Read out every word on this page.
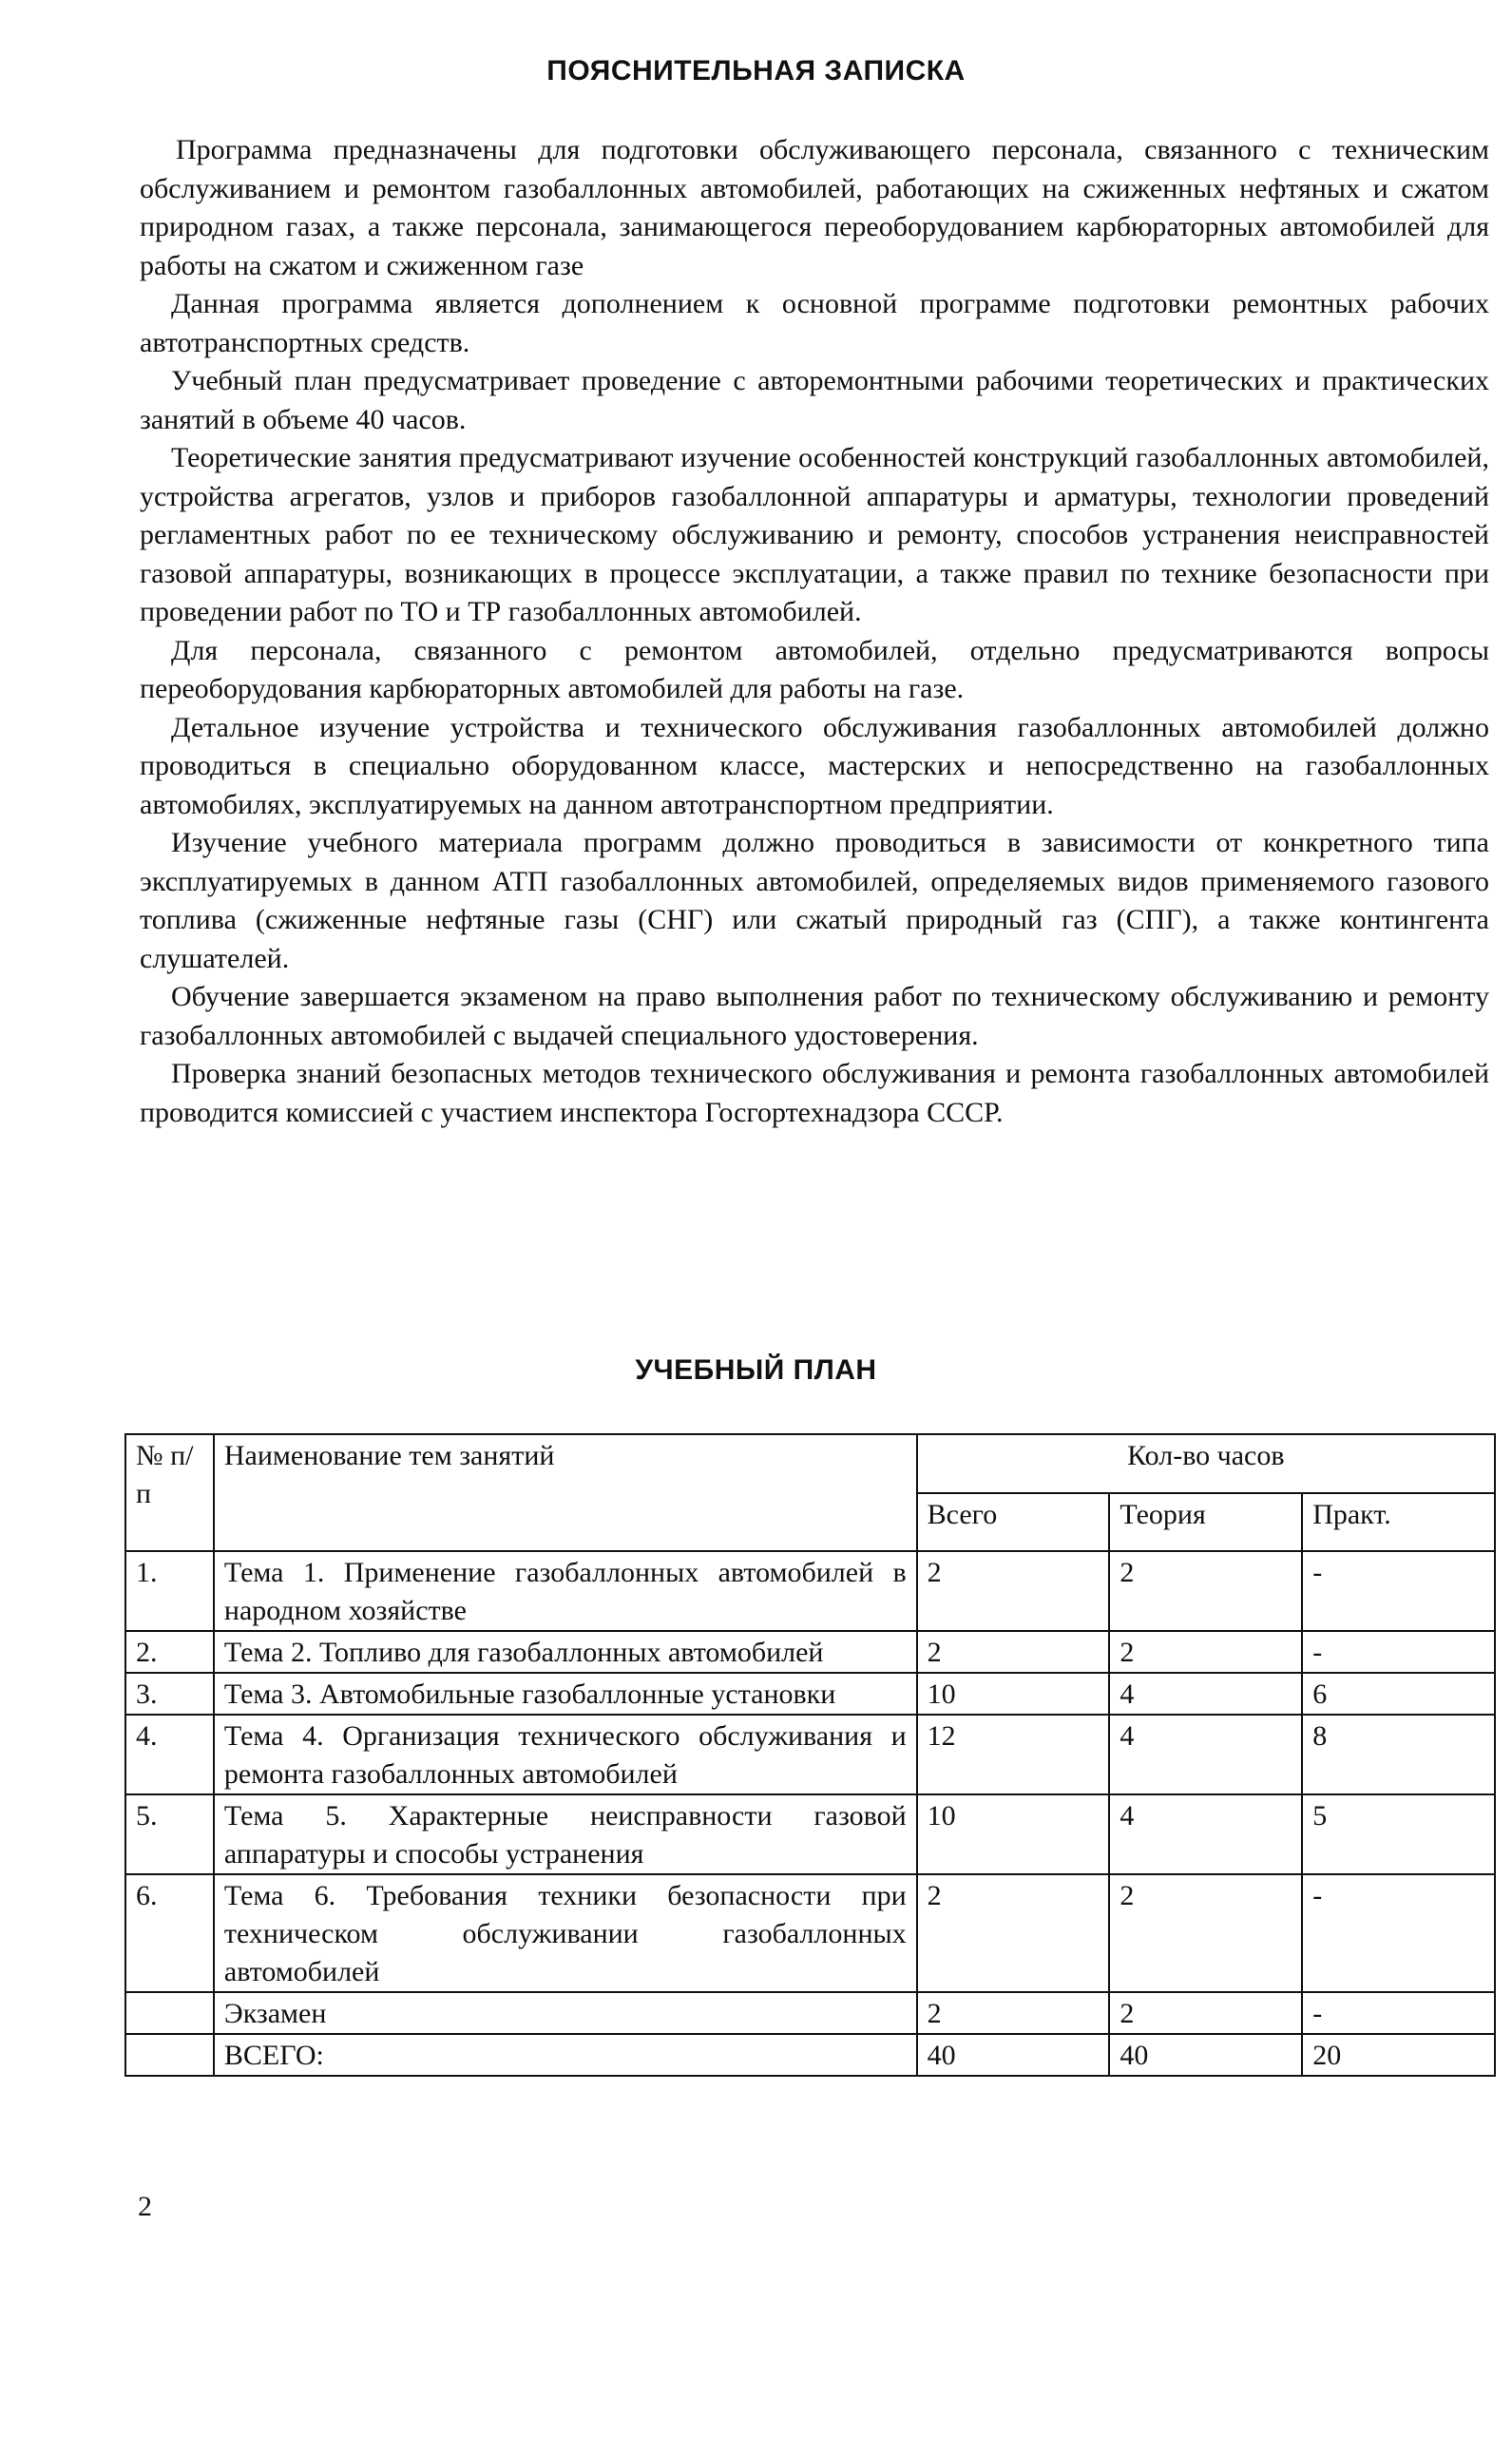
ПОЯСНИТЕЛЬНАЯ ЗАПИСКА

Программа предназначены для подготовки обслуживающего персонала, связанного с техническим обслуживанием и ремонтом газобаллонных автомобилей, работающих на сжиженных нефтяных и сжатом природном газах, а также персонала, занимающегося переоборудованием карбюраторных автомобилей для работы на сжатом и сжиженном газе

Данная программа является дополнением к основной программе подготовки ремонтных рабочих автотранспортных средств.

Учебный план предусматривает проведение с авторемонтными рабочими теоретических и практических занятий в объеме 40 часов.

Теоретические занятия предусматривают изучение особенностей конструкций газобаллонных автомобилей, устройства агрегатов, узлов и приборов газобаллонной аппаратуры и арматуры, технологии проведений регламентных работ по ее техническому обслуживанию и ремонту, способов устранения неисправностей газовой аппаратуры, возникающих в процессе эксплуатации, а также правил по технике безопасности при проведении работ по ТО и ТР газобаллонных автомобилей.

Для персонала, связанного с ремонтом автомобилей, отдельно предусматриваются вопросы переоборудования карбюраторных автомобилей для работы на газе.

Детальное изучение устройства и технического обслуживания газобаллонных автомобилей должно проводиться в специально оборудованном классе, мастерских и непосредственно на газобаллонных автомобилях, эксплуатируемых на данном автотранспортном предприятии.

Изучение учебного материала программ должно проводиться в зависимости от конкретного типа эксплуатируемых в данном АТП газобаллонных автомобилей, определяемых видов применяемого газового топлива (сжиженные нефтяные газы (СНГ) или сжатый природный газ (СПГ), а также контингента слушателей.

Обучение завершается экзаменом на право выполнения работ по техническому обслуживанию и ремонту газобаллонных автомобилей с выдачей специального удостоверения.

Проверка знаний безопасных методов технического обслуживания и ремонта газобаллонных автомобилей проводится комиссией с участием инспектора Госгортехнадзора СССР.

УЧЕБНЫЙ ПЛАН
№ п/п	Наименование тем занятий	Кол-во часов		
		Всего	Теория	Практ.
1.	Тема 1. Применение газобаллонных автомобилей в народном хозяйстве	2	2	-
2.	Тема 2. Топливо для газобаллонных автомобилей	2	2	-
3.	Тема 3. Автомобильные газобаллонные установки	10	4	6
4.	Тема 4. Организация технического обслуживания и ремонта газобаллонных автомобилей	12	4	8
5.	Тема 5. Характерные неисправности газовой аппаратуры и способы устранения	10	4	5
6.	Тема 6. Требования техники безопасности при техническом обслуживании газобаллонных автомобилей	2	2	-
	Экзамен	2	2	-
	ВСЕГО:	40	40	20
2
